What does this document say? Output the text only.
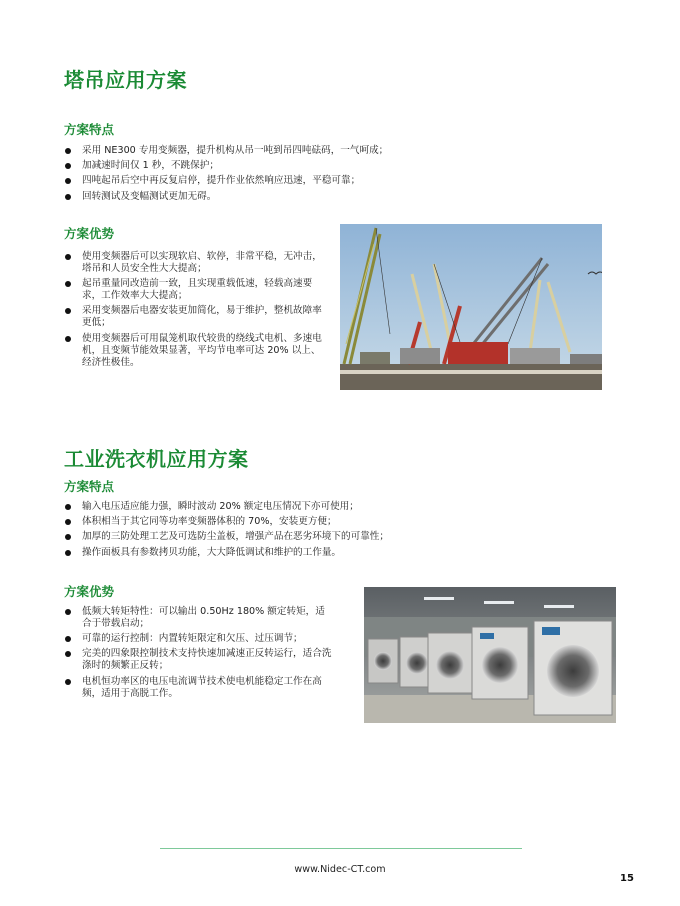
塔吊应用方案
方案特点
采用 NE300 专用变频器，提升机构从吊一吨到吊四吨砝码，一气呵成；
加减速时间仅 1 秒，不跳保护；
四吨起吊后空中再反复启停，提升作业依然响应迅速，平稳可靠；
回转测试及变幅测试更加无碍。
方案优势
使用变频器后可以实现软启、软停，非常平稳，无冲击，塔吊和人员安全性大大提高；
起吊重量同改造前一致，且实现重载低速，轻载高速要求，工作效率大大提高；
采用变频器后电器安装更加简化，易于维护，整机故障率更低；
使用变频器后可用鼠笼机取代较贵的绕线式电机、多速电机，且变频节能效果显著，平均节电率可达 20% 以上、经济性极佳。
工业洗衣机应用方案
方案特点
输入电压适应能力强，瞬时波动 20% 额定电压情况下亦可使用；
体积相当于其它同等功率变频器体积的 70%，安装更方便；
加厚的三防处理工艺及可选防尘盖板，增强产品在恶劣环境下的可靠性；
操作面板具有参数拷贝功能，大大降低调试和维护的工作量。
方案优势
低频大转矩特性：可以输出 0.50Hz 180% 额定转矩，适合于带载启动；
可靠的运行控制：内置转矩限定和欠压、过压调节；
完美的四象限控制技术支持快速加减速正反转运行，适合洗涤时的频繁正反转；
电机恒功率区的电压电流调节技术使电机能稳定工作在高频，适用于高脱工作。
www.Nidec-CT.com
15
